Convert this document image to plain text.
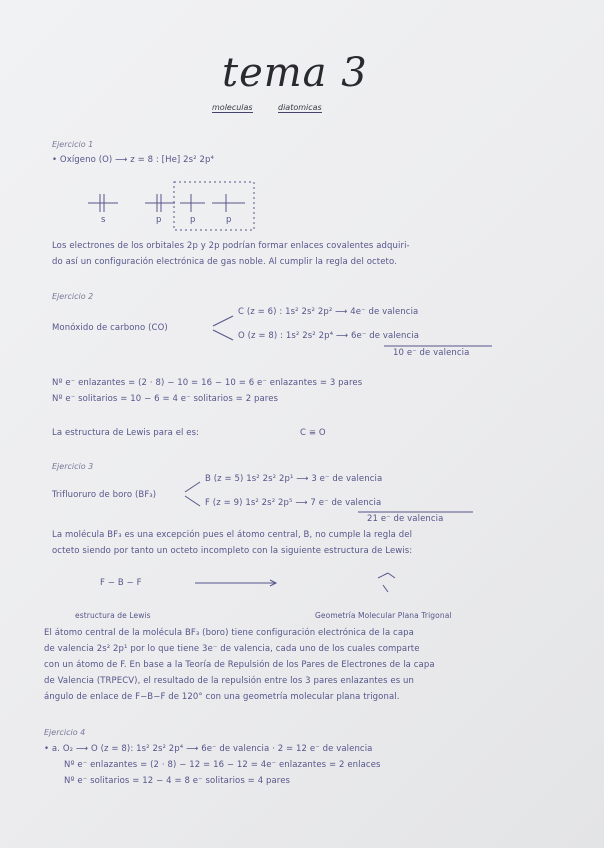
tema 3
moleculas	diatomicas
Ejercicio 1
• Oxígeno (O) ⟶ z = 8 : [He] 2s² 2p⁴
s	p	p	p
Los electrones de los orbitales 2p y 2p podrían formar enlaces covalentes adquiri-
do así un configuración electrónica de gas noble. Al cumplir la regla del octeto.
Ejercicio 2
Monóxido de carbono (CO)
C (z = 6) : 1s² 2s² 2p² ⟶ 4e⁻ de valencia
O (z = 8) : 1s² 2s² 2p⁴ ⟶ 6e⁻ de valencia
10 e⁻ de valencia
Nº e⁻ enlazantes = (2 · 8) − 10 = 16 − 10 = 6 e⁻ enlazantes = 3 pares
Nº e⁻ solitarios = 10 − 6 = 4 e⁻ solitarios = 2 pares
La estructura de Lewis para el es:	C ≡ O
Ejercicio 3
Trifluoruro de boro (BF₃)
B (z = 5) 1s² 2s² 2p¹ ⟶ 3 e⁻ de valencia
F (z = 9) 1s² 2s² 2p⁵ ⟶ 7 e⁻ de valencia
21 e⁻ de valencia
La molécula BF₃ es una excepción pues el átomo central, B, no cumple la regla del
octeto siendo por tanto un octeto incompleto con la siguiente estructura de Lewis:
F − B − F
estructura de Lewis	Geometría Molecular Plana Trigonal
El átomo central de la molécula BF₃ (boro) tiene configuración electrónica de la capa
de valencia 2s² 2p¹ por lo que tiene 3e⁻ de valencia, cada uno de los cuales comparte
con un átomo de F. En base a la Teoría de Repulsión de los Pares de Electrones de la capa
de Valencia (TRPECV), el resultado de la repulsión entre los 3 pares enlazantes es un
ángulo de enlace de F−B−F de 120° con una geometría molecular plana trigonal.
Ejercicio 4
• a. O₂ ⟶ O (z = 8): 1s² 2s² 2p⁴ ⟶ 6e⁻ de valencia · 2 = 12 e⁻ de valencia
Nº e⁻ enlazantes = (2 · 8) − 12 = 16 − 12 = 4e⁻ enlazantes = 2 enlaces
Nº e⁻ solitarios = 12 − 4 = 8 e⁻ solitarios = 4 pares
